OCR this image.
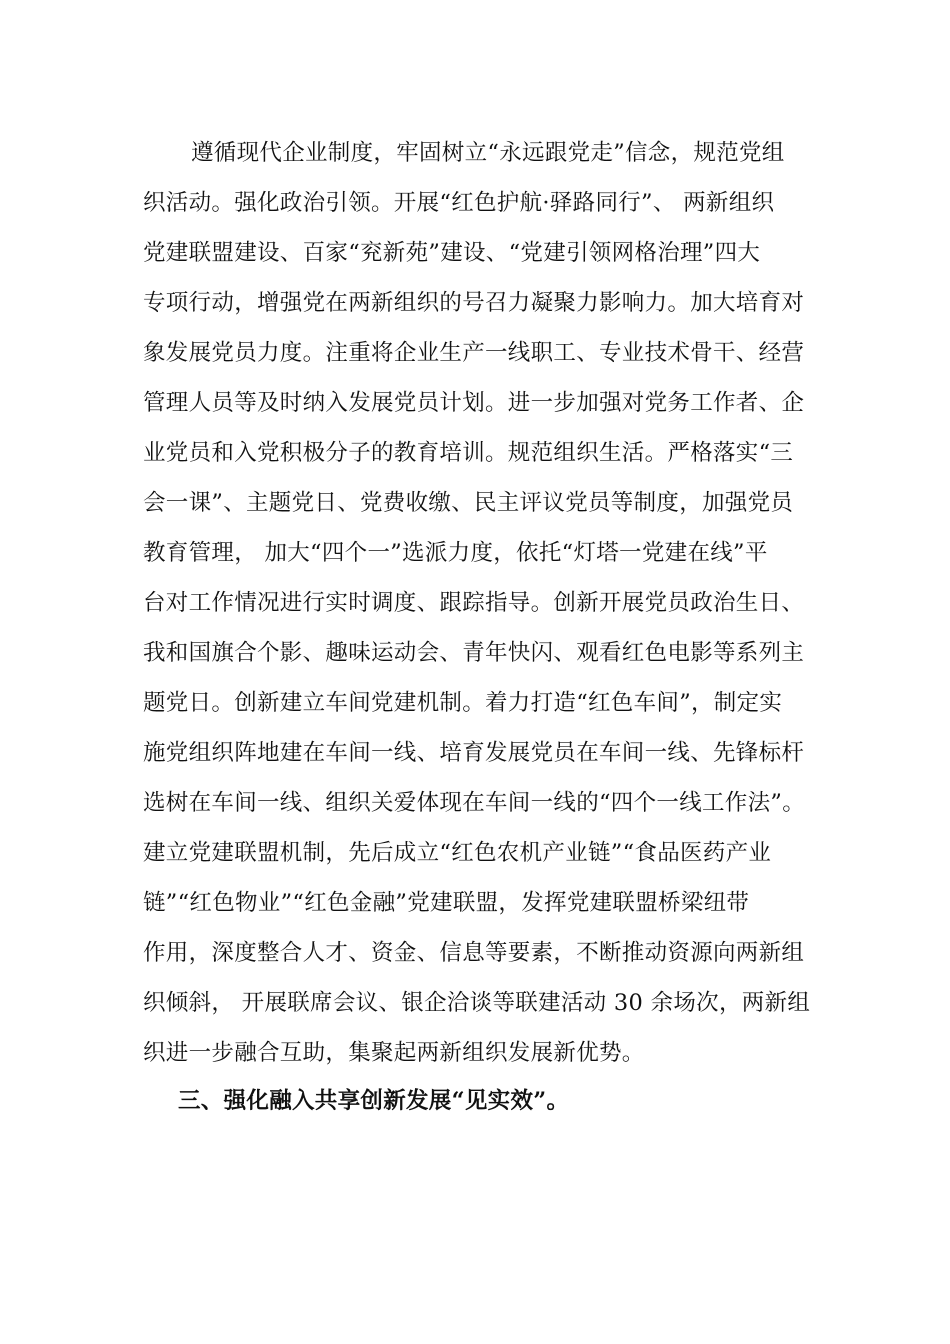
遵循现代企业制度，牢固树立“永远跟党走”信念，规范党组
织活动。强化政治引领。开展“红色护航·驿路同行”、 两新组织
党建联盟建设、百家“兖新苑”建设、“党建引领网格治理”四大
专项行动，增强党在两新组织的号召力凝聚力影响力。加大培育对
象发展党员力度。注重将企业生产一线职工、专业技术骨干、经营
管理人员等及时纳入发展党员计划。进一步加强对党务工作者、企
业党员和入党积极分子的教育培训。规范组织生活。严格落实“三
会一课”、主题党日、党费收缴、民主评议党员等制度，加强党员
教育管理， 加大“四个一”选派力度，依托“灯塔一党建在线”平
台对工作情况进行实时调度、跟踪指导。创新开展党员政治生日、
我和国旗合个影、趣味运动会、青年快闪、观看红色电影等系列主
题党日。创新建立车间党建机制。着力打造“红色车间”，制定实
施党组织阵地建在车间一线、培育发展党员在车间一线、先锋标杆
选树在车间一线、组织关爱体现在车间一线的“四个一线工作法”。
建立党建联盟机制，先后成立“红色农机产业链”“食品医药产业
链”“红色物业”“红色金融”党建联盟，发挥党建联盟桥梁纽带
作用，深度整合人才、资金、信息等要素，不断推动资源向两新组
织倾斜， 开展联席会议、银企洽谈等联建活动 30 余场次，两新组
织进一步融合互助，集聚起两新组织发展新优势。
三、强化融入共享创新发展“见实效”。
